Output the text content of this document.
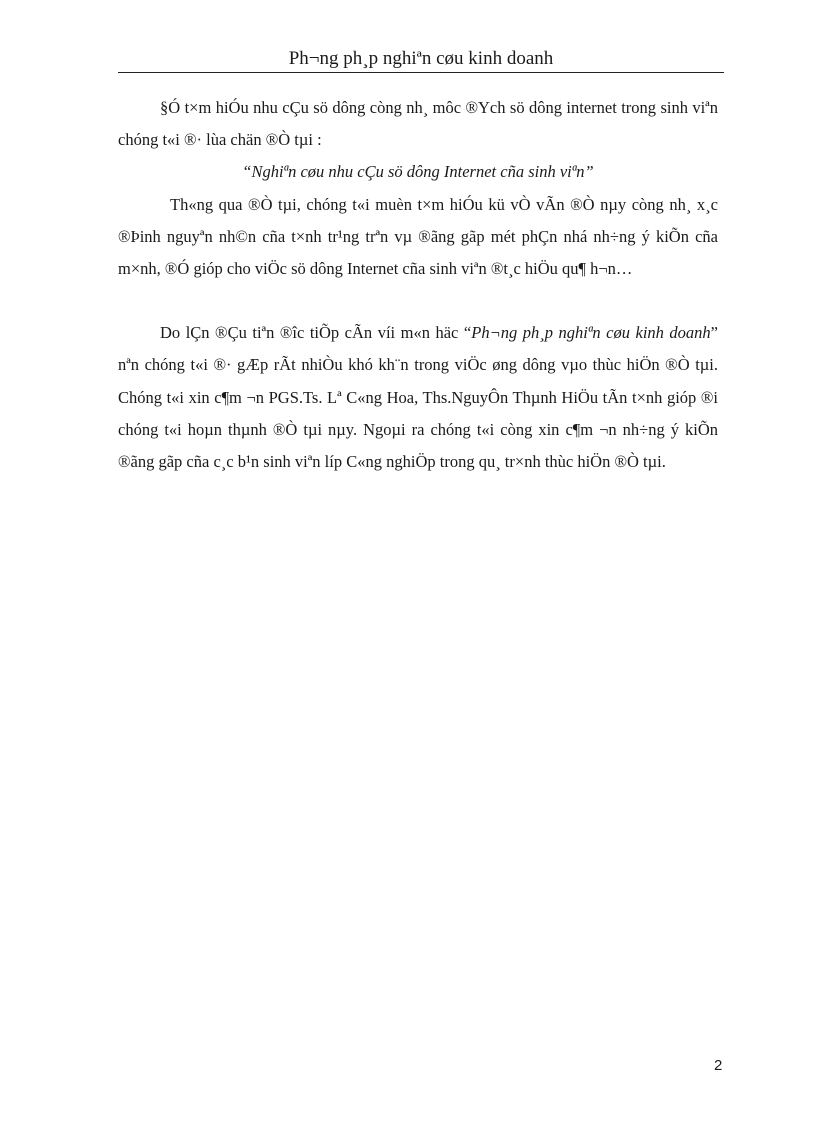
Ph¬ng ph¸p nghiªn cøu kinh doanh

§Ó t×m hiÓu nhu cÇu sö dông còng nh¸ môc ®Ych sö dông internet trong sinh viªn chóng t«i ®· lùa chän ®Ò tµi :

“Nghiªn cøu nhu cÇu sö dông Internet cña sinh viªn”

Th«ng qua ®Ò tµi, chóng t«i muèn t×m hiÓu kü vÒ vÃn ®Ò nµy còng nh¸ x¸c ®Þinh nguyªn nh©n cña t×nh tr¹ng trªn vµ ®ãng gãp mét phÇn nhá nh÷ng ý kiÕn cña m×nh, ®Ó gióp cho viÖc sö dông Internet cña sinh viªn ®t¸c hiÖu qu¶ h¬n…

Do lÇn ®Çu tiªn ®îc tiÕp cÃn víi m«n häc “Ph¬ng ph¸p nghiªn cøu kinh doanh” nªn chóng t«i ®· gÆp rÃt nhiÒu khó kh¨n trong viÖc øng dông vµo thùc hiÖn ®Ò tµi. Chóng t«i xin c¶m ¬n PGS.Ts. Lª C«ng Hoa, Ths.NguyÔn Thµnh HiÖu tÃn t×nh gióp ®i chóng t«i hoµn thµnh ®Ò tµi nµy. Ngoµi ra chóng t«i còng xin c¶m ¬n nh÷ng ý kiÕn ®ãng gãp cña c¸c b¹n sinh viªn líp C«ng nghiÖp trong qu¸ tr×nh thùc hiÖn ®Ò tµi.

2
